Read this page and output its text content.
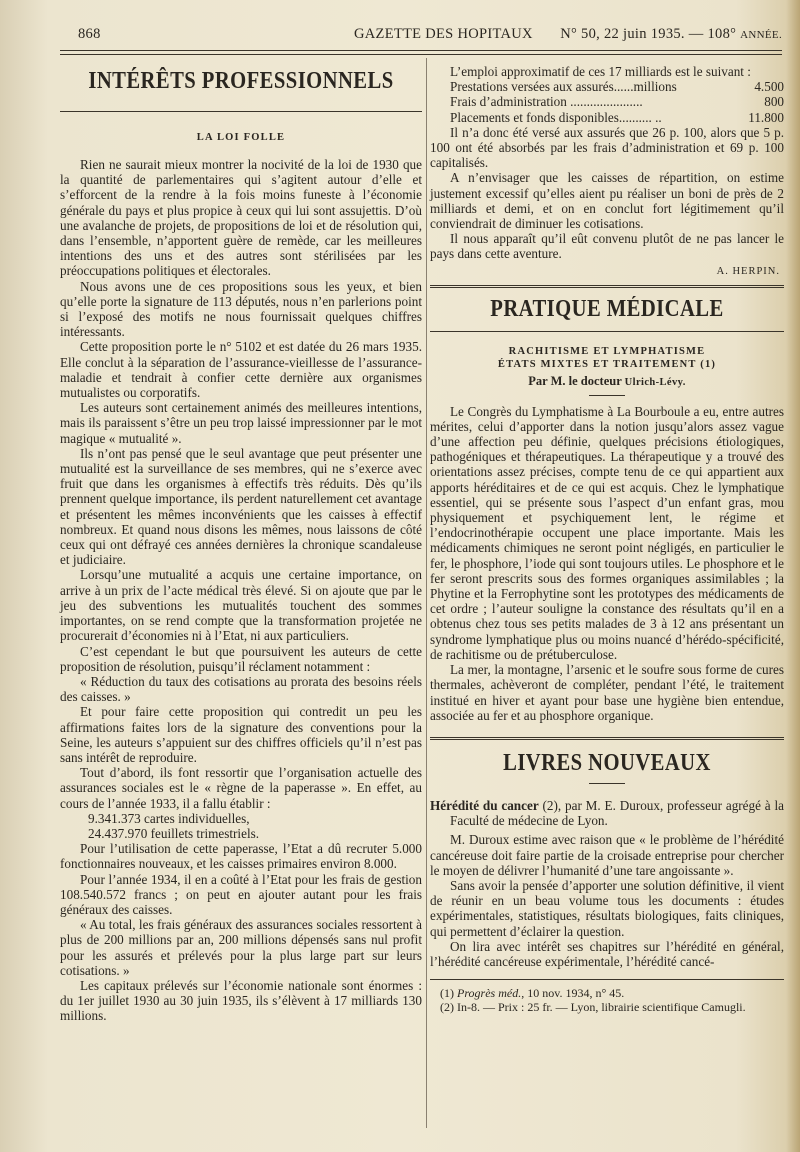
868	GAZETTE DES HOPITAUX N° 50, 22 juin 1935. — 108° ANNÉE.
INTÉRÊTS PROFESSIONNELS
LA LOI FOLLE

Rien ne saurait mieux montrer la nocivité de la loi de 1930 que la quantité de parlementaires qui s’agitent autour d’elle et s’efforcent de la rendre à la fois moins funeste à l’économie générale du pays et plus propice à ceux qui lui sont assujettis. D’où une avalanche de projets, de propositions de loi et de résolution qui, dans l’ensemble, n’apportent guère de remède, car les meilleures intentions des uns et des autres sont stérilisées par les préoccupations politiques et électorales.

Nous avons une de ces propositions sous les yeux, et bien qu’elle porte la signature de 113 députés, nous n’en parlerions point si l’exposé des motifs ne nous fournissait quelques chiffres intéressants.

Cette proposition porte le n° 5102 et est datée du 26 mars 1935. Elle conclut à la séparation de l’assurance-vieillesse de l’assurance-maladie et tendrait à confier cette dernière aux organismes mutualistes ou corporatifs.

Les auteurs sont certainement animés des meilleures intentions, mais ils paraissent s’être un peu trop laissé impressionner par le mot magique « mutualité ».

Ils n’ont pas pensé que le seul avantage que peut présenter une mutualité est la surveillance de ses membres, qui ne s’exerce avec fruit que dans les organismes à effectifs très réduits. Dès qu’ils prennent quelque importance, ils perdent naturellement cet avantage et présentent les mêmes inconvénients que les caisses à effectif nombreux. Et quand nous disons les mêmes, nous laissons de côté ceux qui ont défrayé ces années dernières la chronique scandaleuse et judiciaire.

Lorsqu’une mutualité a acquis une certaine importance, on arrive à un prix de l’acte médical très élevé. Si on ajoute que par le jeu des subventions les mutualités touchent des sommes importantes, on se rend compte que la transformation projetée ne procurerait d’économies ni à l’Etat, ni aux particuliers.

C’est cependant le but que poursuivent les auteurs de cette proposition de résolution, puisqu’il réclament notamment :

« Réduction du taux des cotisations au prorata des besoins réels des caisses. »

Et pour faire cette proposition qui contredit un peu les affirmations faites lors de la signature des conventions pour la Seine, les auteurs s’appuient sur des chiffres officiels qu’il n’est pas sans intérêt de reproduire.

Tout d’abord, ils font ressortir que l’organisation actuelle des assurances sociales est le « règne de la paperasse ». En effet, au cours de l’année 1933, il a fallu établir :

9.341.373 cartes individuelles,

24.437.970 feuillets trimestriels.

Pour l’utilisation de cette paperasse, l’Etat a dû recruter 5.000 fonctionnaires nouveaux, et les caisses primaires environ 8.000.

Pour l’année 1934, il en a coûté à l’Etat pour les frais de gestion 108.540.572 francs ; on peut en ajouter autant pour les frais généraux des caisses.

« Au total, les frais généraux des assurances sociales ressortent à plus de 200 millions par an, 200 millions dépensés sans nul profit pour les assurés et prélevés pour la plus large part sur leurs cotisations. »

Les capitaux prélevés sur l’économie nationale sont énormes : du 1er juillet 1930 au 30 juin 1935, ils s’élèvent à 17 milliards 130 millions.

L’emploi approximatif de ces 17 milliards est le suivant :

Prestations versées aux assurés......millions	4.500
Frais d’administration ......................	800
Placements et fonds disponibles.......... ..	11.800

Il n’a donc été versé aux assurés que 26 p. 100, alors que 5 p. 100 ont été absorbés par les frais d’administration et 69 p. 100 capitalisés.

A n’envisager que les caisses de répartition, on estime justement excessif qu’elles aient pu réaliser un boni de près de 2 milliards et demi, et on en conclut fort légitimement qu’il conviendrait de diminuer les cotisations.

Il nous apparaît qu’il eût convenu plutôt de ne pas lancer le pays dans cette aventure.

A. HERPIN.
PRATIQUE MÉDICALE
RACHITISME ET LYMPHATISME
ÉTATS MIXTES ET TRAITEMENT (1)
Par M. le docteur Ulrich-Lévy.

Le Congrès du Lymphatisme à La Bourboule a eu, entre autres mérites, celui d’apporter dans la notion jusqu’alors assez vague d’une affection peu définie, quelques précisions étiologiques, pathogéniques et thérapeutiques. La thérapeutique y a trouvé des orientations assez précises, compte tenu de ce qui appartient aux apports héréditaires et de ce qui est acquis. Chez le lymphatique essentiel, qui se présente sous l’aspect d’un enfant gras, mou physiquement et psychiquement lent, le régime et l’endocrinothérapie occupent une place importante. Mais les médicaments chimiques ne seront point négligés, en particulier le fer, le phosphore, l’iode qui sont toujours utiles. Le phosphore et le fer seront prescrits sous des formes organiques assimilables ; la Phytine et la Ferrophytine sont les prototypes des médicaments de cet ordre ; l’auteur souligne la constance des résultats qu’il en a obtenus chez tous ses petits malades de 3 à 12 ans présentant un syndrome lymphatique plus ou moins nuancé d’hérédo-spécificité, de rachitisme ou de prétuberculose.

La mer, la montagne, l’arsenic et le soufre sous forme de cures thermales, achèveront de compléter, pendant l’été, le traitement institué en hiver et ayant pour base une hygiène bien entendue, associée au fer et au phosphore organique.

LIVRES NOUVEAUX

Hérédité du cancer (2), par M. E. Duroux, professeur agrégé à la Faculté de médecine de Lyon.

M. Duroux estime avec raison que « le problème de l’hérédité cancéreuse doit faire partie de la croisade entreprise pour chercher le moyen de délivrer l’humanité d’une tare angoissante ».

Sans avoir la pensée d’apporter une solution définitive, il vient de réunir en un beau volume tous les documents : études expérimentales, statistiques, résultats biologiques, faits cliniques, qui permettent d’éclairer la question.

On lira avec intérêt ses chapitres sur l’hérédité en général, l’hérédité cancéreuse expérimentale, l’hérédité cancé-

(1) Progrès méd., 10 nov. 1934, n° 45.

(2) In-8. — Prix : 25 fr. — Lyon, librairie scientifique Camugli.
